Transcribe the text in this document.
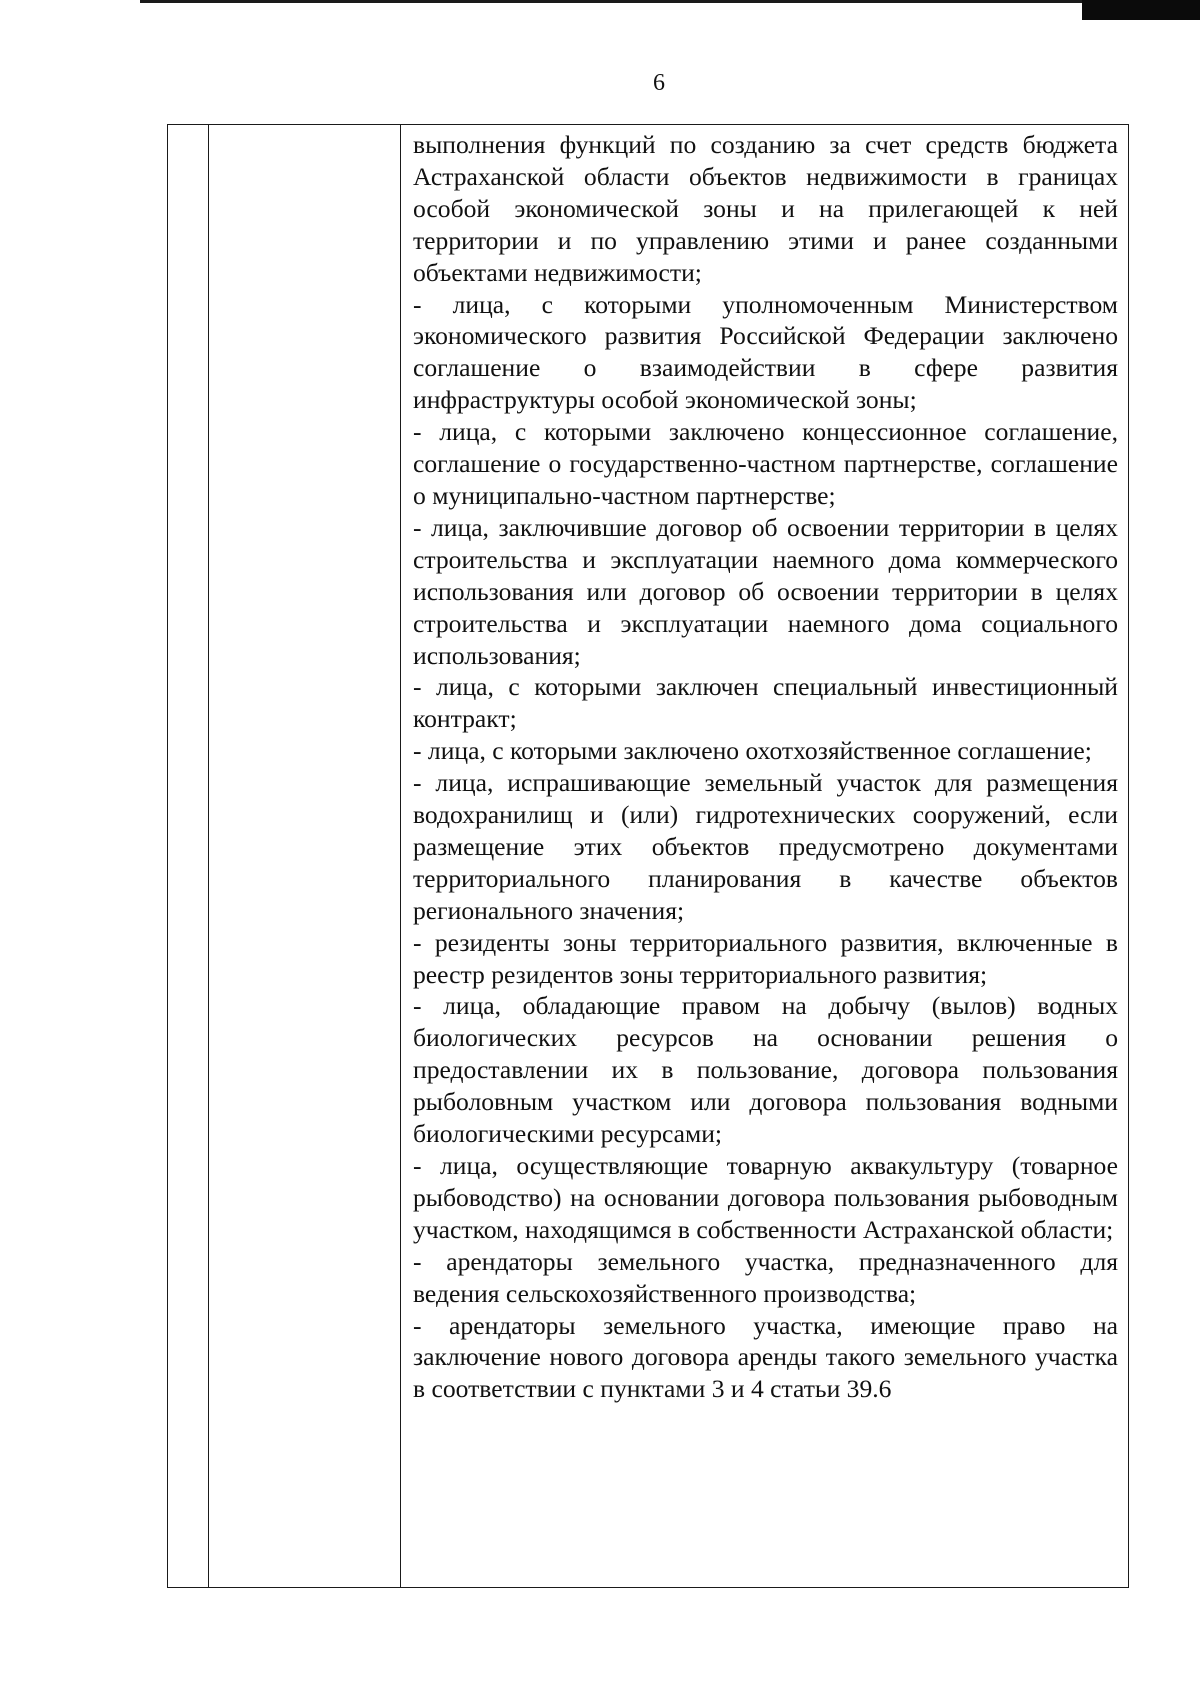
6

выполнения функций по созданию за счет средств бюджета Астраханской области объектов недвижимости в границах особой экономической зоны и на прилегающей к ней территории и по управлению этими и ранее созданными объектами недвижимости;

- лица, с которыми уполномоченным Министерством экономического развития Российской Федерации заключено соглашение о взаимодействии в сфере развития инфраструктуры особой экономической зоны;

- лица, с которыми заключено концессионное соглашение, соглашение о государственно-частном партнерстве, соглашение о муниципально-частном партнерстве;

- лица, заключившие договор об освоении территории в целях строительства и эксплуатации наемного дома коммерческого использования или договор об освоении территории в целях строительства и эксплуатации наемного дома социального использования;

- лица, с которыми заключен специальный инвестиционный контракт;

- лица, с которыми заключено охотхозяйственное соглашение;

- лица, испрашивающие земельный участок для размещения водохранилищ и (или) гидротехнических сооружений, если размещение этих объектов предусмотрено документами территориального планирования в качестве объектов регионального значения;

- резиденты зоны территориального развития, включенные в реестр резидентов зоны территориального развития;

- лица, обладающие правом на добычу (вылов) водных биологических ресурсов на основании решения о предоставлении их в пользование, договора пользования рыболовным участком или договора пользования водными биологическими ресурсами;

- лица, осуществляющие товарную аквакультуру (товарное рыбоводство) на основании договора пользования рыбоводным участком, находящимся в собственности Астраханской области;

- арендаторы земельного участка, предназначенного для ведения сельскохозяйственного производства;

- арендаторы земельного участка, имеющие право на заключение нового договора аренды такого земельного участка в соответствии с пунктами 3 и 4 статьи 39.6
